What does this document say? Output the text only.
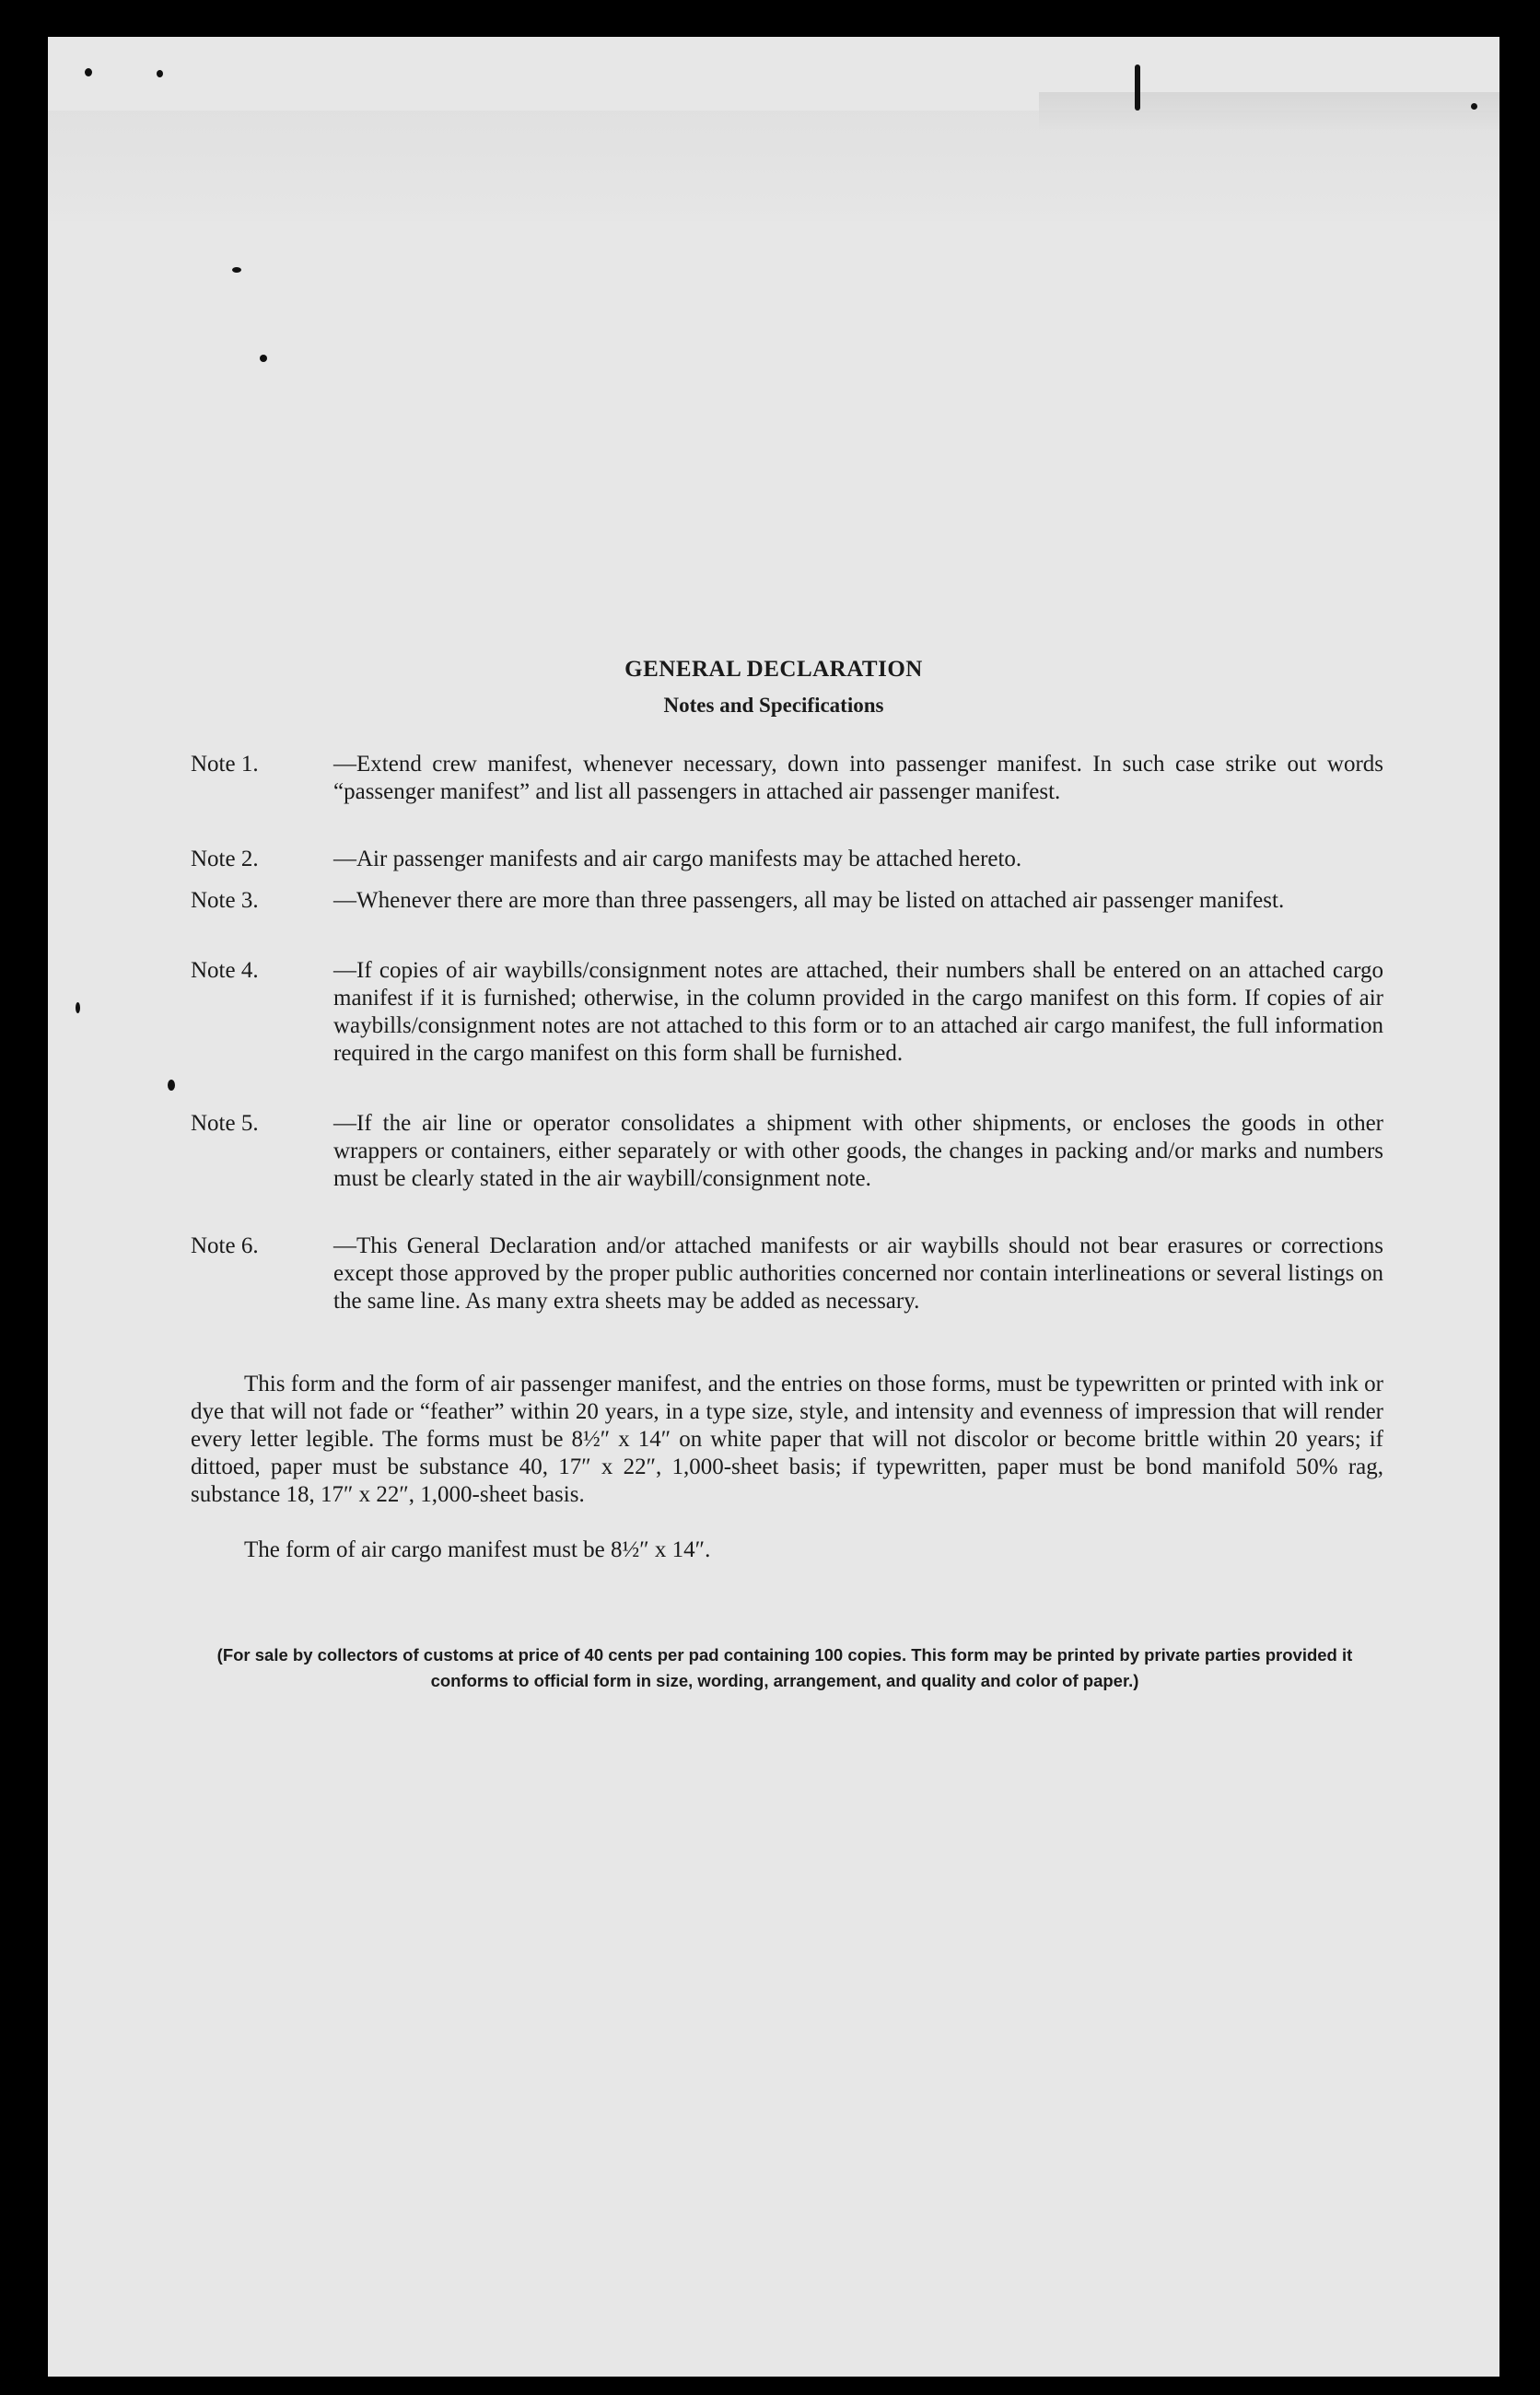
GENERAL DECLARATION
Notes and Specifications
Note 1.	—Extend crew manifest, whenever necessary, down into passenger manifest. In such case strike out words “passenger manifest” and list all passengers in attached air passenger manifest.
Note 2.	—Air passenger manifests and air cargo manifests may be attached hereto.
Note 3.	—Whenever there are more than three passengers, all may be listed on attached air passenger manifest.
Note 4.	—If copies of air waybills/consignment notes are attached, their numbers shall be entered on an attached cargo manifest if it is furnished; otherwise, in the column provided in the cargo manifest on this form. If copies of air waybills/consignment notes are not attached to this form or to an attached air cargo manifest, the full information required in the cargo manifest on this form shall be furnished.
Note 5.	—If the air line or operator consolidates a shipment with other shipments, or encloses the goods in other wrappers or containers, either separately or with other goods, the changes in packing and/or marks and numbers must be clearly stated in the air waybill/consignment note.
Note 6.	—This General Declaration and/or attached manifests or air waybills should not bear erasures or corrections except those approved by the proper public authorities concerned nor contain interlineations or several listings on the same line. As many extra sheets may be added as necessary.
This form and the form of air passenger manifest, and the entries on those forms, must be typewritten or printed with ink or dye that will not fade or “feather” within 20 years, in a type size, style, and intensity and evenness of impression that will render every letter legible. The forms must be 8½″ x 14″ on white paper that will not discolor or become brittle within 20 years; if dittoed, paper must be substance 40, 17″ x 22″, 1,000-sheet basis; if typewritten, paper must be bond manifold 50% rag, substance 18, 17″ x 22″, 1,000-sheet basis.
The form of air cargo manifest must be 8½″ x 14″.
(For sale by collectors of customs at price of 40 cents per pad containing 100 copies. This form may be printed by private parties provided it conforms to official form in size, wording, arrangement, and quality and color of paper.)
